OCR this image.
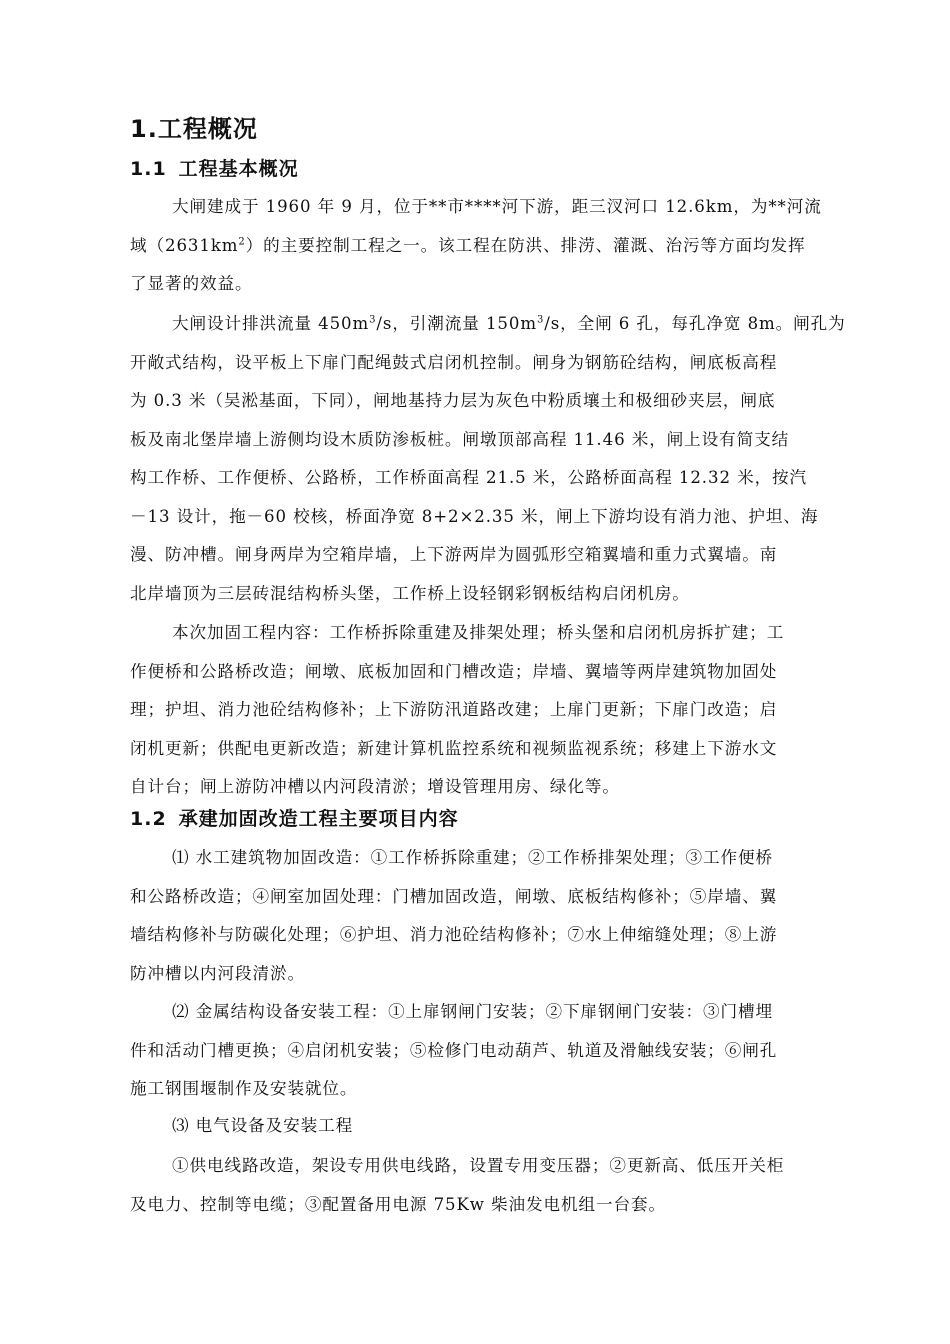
1.工程概况
1.1 工程基本概况

大闸建成于 1960 年 9 月，位于**市****河下游，距三汊河口 12.6km，为**河流
域$(2631km^2)$的主要控制工程之一。该工程在防洪、排涝、灌溉、治污等方面均发挥
了显著的效益。

大闸设计排洪流量 $450m^3/s$，引潮流量 $150m^3/s$，全闸 6 孔，每孔净宽 8m。闸孔为
开敞式结构，设平板上下扉门配绳鼓式启闭机控制。闸身为钢筋砼结构，闸底板高程
为 0.3 米（吴淞基面，下同），闸地基持力层为灰色中粉质壤土和极细砂夹层，闸底
板及南北堡岸墙上游侧均设木质防渗板桩。闸墩顶部高程 11.46 米，闸上设有简支结
构工作桥、工作便桥、公路桥，工作桥面高程 21.5 米，公路桥面高程 12.32 米，按汽
－13 设计，拖－60 校核，桥面净宽 8+2×2.35 米，闸上下游均设有消力池、护坦、海
漫、防冲槽。闸身两岸为空箱岸墙，上下游两岸为圆弧形空箱翼墙和重力式翼墙。南
北岸墙顶为三层砖混结构桥头堡，工作桥上设轻钢彩钢板结构启闭机房。

本次加固工程内容：工作桥拆除重建及排架处理；桥头堡和启闭机房拆扩建；工
作便桥和公路桥改造；闸墩、底板加固和门槽改造；岸墙、翼墙等两岸建筑物加固处
理；护坦、消力池砼结构修补；上下游防汛道路改建；上扉门更新；下扉门改造；启
闭机更新；供配电更新改造；新建计算机监控系统和视频监视系统；移建上下游水文
自计台；闸上游防冲槽以内河段清淤；增设管理用房、绿化等。

1.2 承建加固改造工程主要项目内容

⑴ 水工建筑物加固改造：①工作桥拆除重建；②工作桥排架处理；③工作便桥
和公路桥改造；④闸室加固处理：门槽加固改造，闸墩、底板结构修补；⑤岸墙、翼
墙结构修补与防碳化处理；⑥护坦、消力池砼结构修补；⑦水上伸缩缝处理；⑧上游
防冲槽以内河段清淤。

⑵ 金属结构设备安装工程：①上扉钢闸门安装；②下扉钢闸门安装：③门槽埋
件和活动门槽更换；④启闭机安装；⑤检修门电动葫芦、轨道及滑触线安装；⑥闸孔
施工钢围堰制作及安装就位。

⑶ 电气设备及安装工程

①供电线路改造，架设专用供电线路，设置专用变压器；②更新高、低压开关柜
及电力、控制等电缆；③配置备用电源 75Kw 柴油发电机组一台套。
